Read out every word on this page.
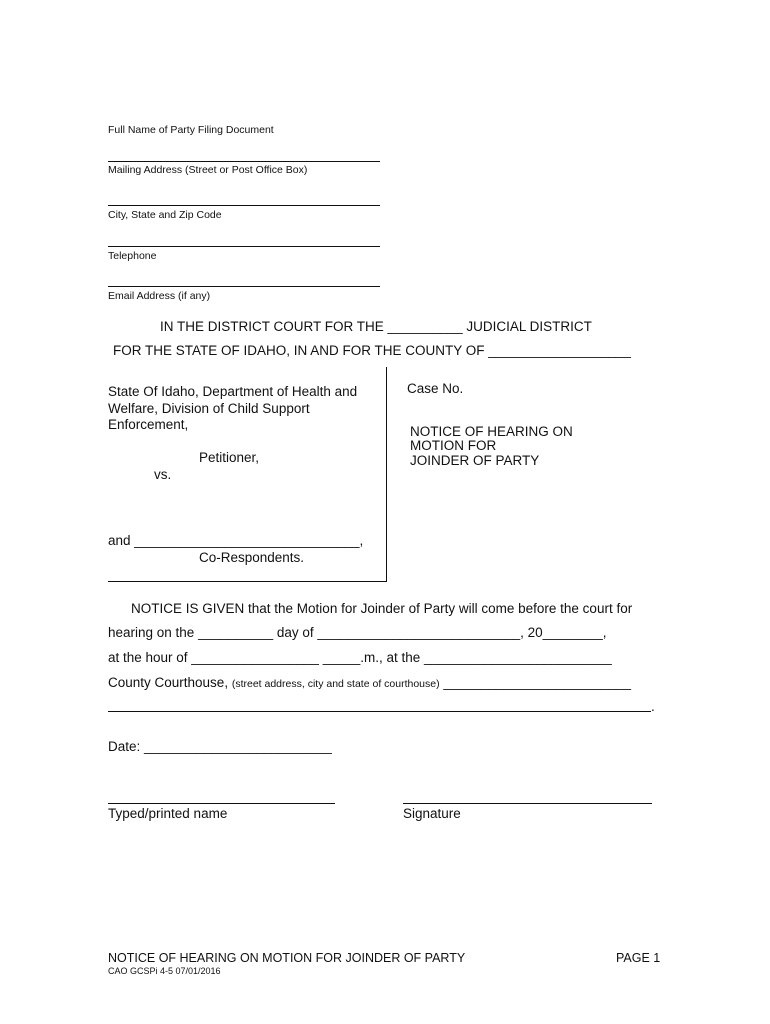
Full Name of Party Filing Document
Mailing Address (Street or Post Office Box)
City, State and Zip Code
Telephone
Email Address (if any)
IN THE DISTRICT COURT FOR THE __________ JUDICIAL DISTRICT
FOR THE STATE OF IDAHO, IN AND FOR THE COUNTY OF ___________________
State Of Idaho, Department of Health and
Welfare, Division of Child Support
Enforcement,
Petitioner,
vs.
and ______________________________,
Co-Respondents.
Case No.
NOTICE OF HEARING ON
MOTION FOR
JOINDER OF PARTY
NOTICE IS GIVEN that the Motion for Joinder of Party will come before the court for
hearing on the __________ day of ___________________________, 20________,
at the hour of _________________ _____.m., at the _________________________
County Courthouse, (street address, city and state of courthouse) _________________________
.
Date: _________________________
Typed/printed name	Signature
NOTICE OF HEARING ON MOTION FOR JOINDER OF PARTY	PAGE 1
CAO GCSPi 4-5 07/01/2016
